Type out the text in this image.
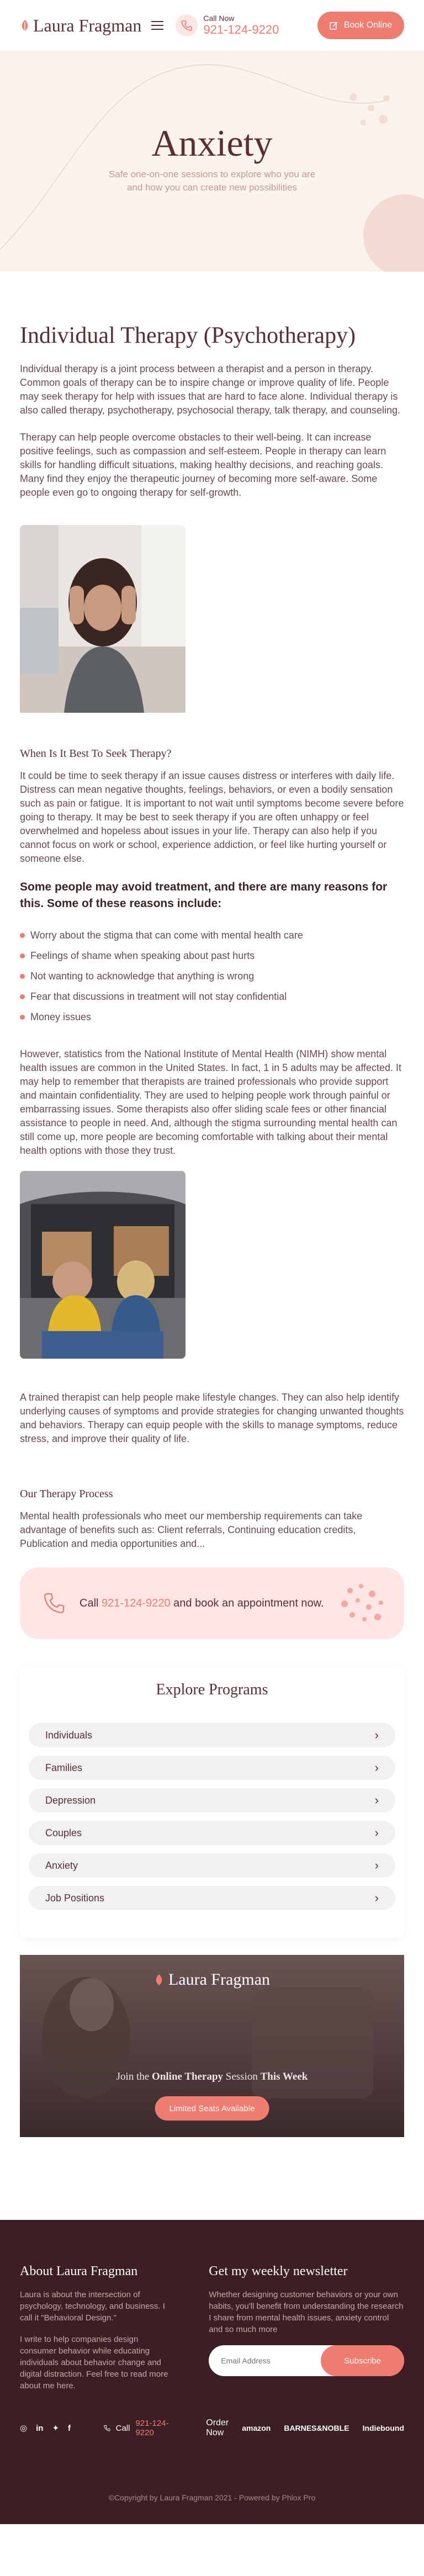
Laura Fragman	Call Now
921-124-9220	Book Online
Anxiety

Safe one-on-one sessions to explore who you are
and how you can create new possibilities

Individual Therapy (Psychotherapy)

Individual therapy is a joint process between a therapist and a person in therapy. Common goals of therapy can be to inspire change or improve quality of life. People may seek therapy for help with issues that are hard to face alone. Individual therapy is also called therapy, psychotherapy, psychosocial therapy, talk therapy, and counseling.

Therapy can help people overcome obstacles to their well-being. It can increase positive feelings, such as compassion and self-esteem. People in therapy can learn skills for handling difficult situations, making healthy decisions, and reaching goals. Many find they enjoy the therapeutic journey of becoming more self-aware. Some people even go to ongoing therapy for self-growth.

When Is It Best To Seek Therapy?

It could be time to seek therapy if an issue causes distress or interferes with daily life. Distress can mean negative thoughts, feelings, behaviors, or even a bodily sensation such as pain or fatigue. It is important to not wait until symptoms become severe before going to therapy. It may be best to seek therapy if you are often unhappy or feel overwhelmed and hopeless about issues in your life. Therapy can also help if you cannot focus on work or school, experience addiction, or feel like hurting yourself or someone else.

Some people may avoid treatment, and there are many reasons for this. Some of these reasons include:

Worry about the stigma that can come with mental health care
Feelings of shame when speaking about past hurts
Not wanting to acknowledge that anything is wrong
Fear that discussions in treatment will not stay confidential
Money issues

However, statistics from the National Institute of Mental Health (NIMH) show mental health issues are common in the United States. In fact, 1 in 5 adults may be affected. It may help to remember that therapists are trained professionals who provide support and maintain confidentiality. They are used to helping people work through painful or embarrassing issues. Some therapists also offer sliding scale fees or other financial assistance to people in need. And, although the stigma surrounding mental health can still come up, more people are becoming comfortable with talking about their mental health options with those they trust.

A trained therapist can help people make lifestyle changes. They can also help identify underlying causes of symptoms and provide strategies for changing unwanted thoughts and behaviors. Therapy can equip people with the skills to manage symptoms, reduce stress, and improve their quality of life.

Our Therapy Process

Mental health professionals who meet our membership requirements can take advantage of benefits such as: Client referrals, Continuing education credits, Publication and media opportunities and...

Call 921-124-9220 and book an appointment now.
Explore Programs
Individuals	›
Families	›
Depression	›
Couples	›
Anxiety	›
Job Positions	›
Laura Fragman
Join the Online Therapy Session This Week
Limited Seats Available
About Laura Fragman

Laura is about the intersection of psychology, technology, and business. I call it "Behavioral Design."

I write to help companies design consumer behavior while educating individuals about behavior change and digital distraction. Feel free to read more about me here.

Get my weekly newsletter

Whether designing customer behaviors or your own habits, you'll benefit from understanding the research I share from mental health issues, anxiety control and so much more

Email Address
Subscribe
◎ in ✦ f	Call 921-124-9220
Order Now	amazon BARNES&NOBLE Indiebound
©Copyright by Laura Fragman 2021 - Powered by Phlox Pro
